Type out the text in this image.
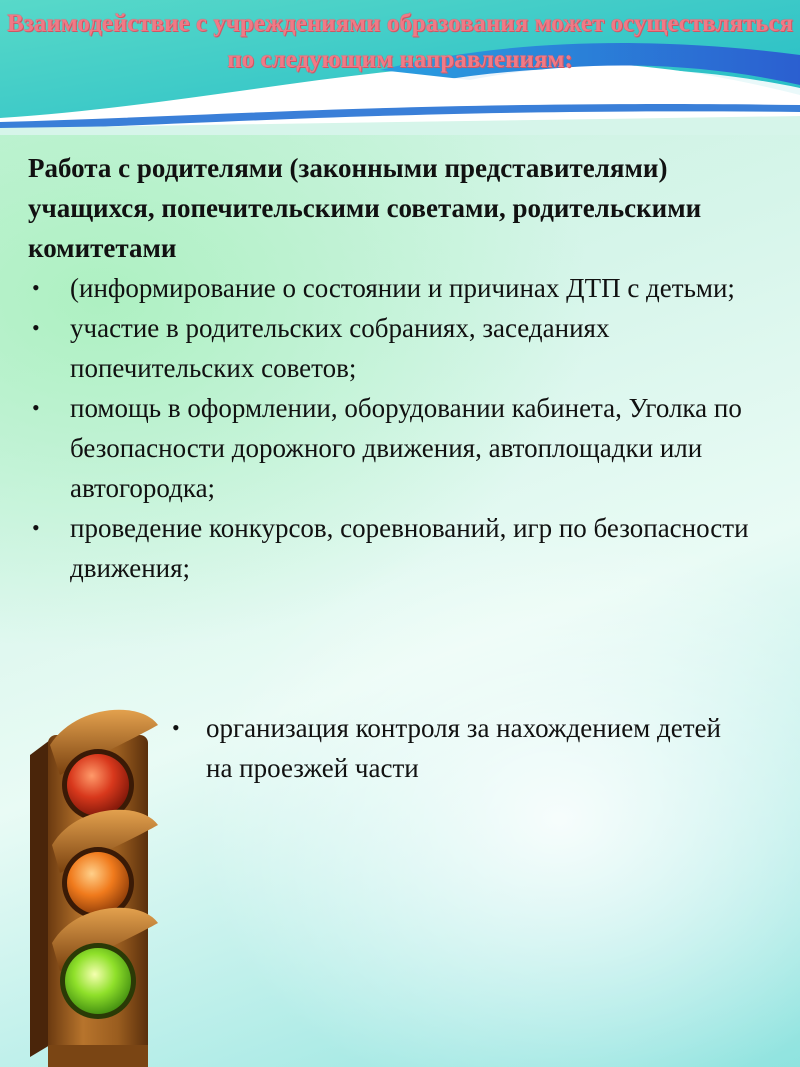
Взаимодействие с учреждениями образования может осуществляться по следующим направлениям:
Работа с родителями (законными представителями) учащихся, попечительскими советами, родительскими комитетами
• (информирование о состоянии и причинах ДТП с детьми;
• участие в родительских собраниях, заседаниях попечительских советов;
• помощь в оформлении, оборудовании кабинета, Уголка по безопасности дорожного движения, автоплощадки или автогородка;
• проведение конкурсов, соревнований, игр по безопасности движения;
• организация контроля за нахождением детей на проезжей части
